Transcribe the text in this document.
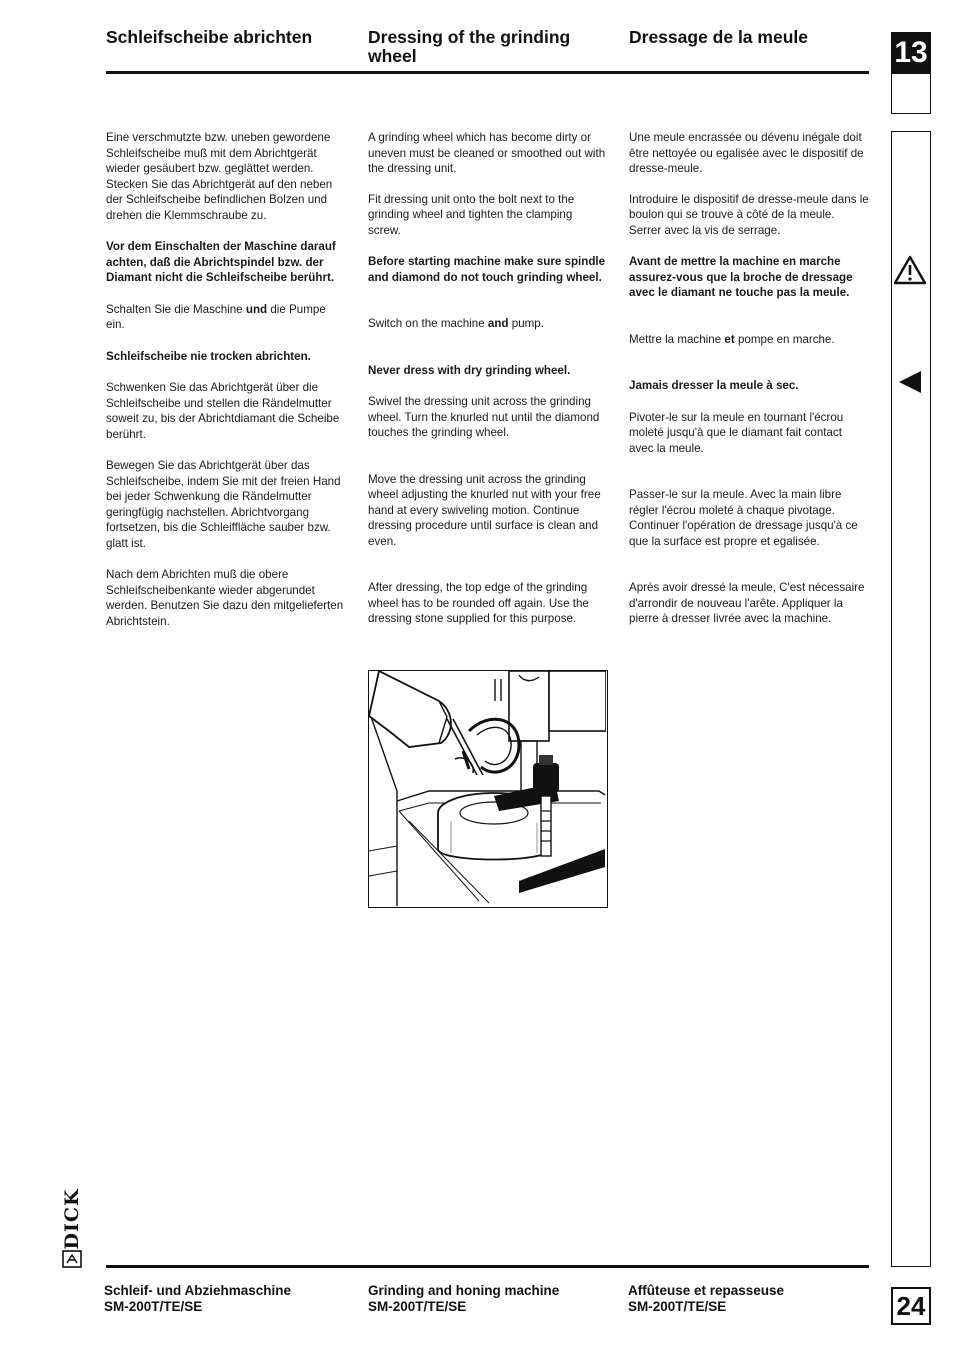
Schleifscheibe abrichten	Dressing of the grinding wheel
Dressage de la meule	13
24

Eine verschmutzte bzw. uneben gewordene Schleifscheibe muß mit dem Abrichtgerät wieder gesäubert bzw. geglättet werden.

Stecken Sie das Abrichtgerät auf den neben der Schleifscheibe befindlichen Bolzen und drehen die Klemmschraube zu.

Vor dem Einschalten der Maschine darauf achten, daß die Abrichtspindel bzw. der Diamant nicht die Schleifscheibe berührt.

Schalten Sie die Maschine und die Pumpe ein.

Schleifscheibe nie trocken abrichten.

Schwenken Sie das Abrichtgerät über die Schleifscheibe und stellen die Rändelmutter soweit zu, bis der Abrichtdiamant die Scheibe berührt.

Bewegen Sie das Abrichtgerät über das Schleifscheibe, indem Sie mit der freien Hand bei jeder Schwenkung die Rändelmutter geringfügig nachstellen. Abrichtvorgang fortsetzen, bis die Schleiffläche sauber bzw. glatt ist.

Nach dem Abrichten muß die obere Schleifscheibenkante wieder abgerundet werden. Benutzen Sie dazu den mitgelieferten Abrichtstein.

A grinding wheel which has become dirty or uneven must be cleaned or smoothed out with the dressing unit.

Fit dressing unit onto the bolt next to the grinding wheel and tighten the clamping screw.

Before starting machine make sure spindle and diamond do not touch grinding wheel.

Switch on the machine and pump.

Never dress with dry grinding wheel.

Swivel the dressing unit across the grinding wheel. Turn the knurled nut until the diamond touches the grinding wheel.

Move the dressing unit across the grinding wheel adjusting the knurled nut with your free hand at every swiveling motion. Continue dressing procedure until surface is clean and even.

After dressing, the top edge of the grinding wheel has to be rounded off again. Use the dressing stone supplied for this purpose.

Une meule encrassée ou dévenu inégale doit être nettoyée ou egalisée avec le dispositif de dresse-meule.

Introduire le dispositif de dresse-meule dans le boulon qui se trouve à côté de la meule. Serrer avec la vis de serrage.

Avant de mettre la machine en marche assurez-vous que la broche de dressage avec le diamant ne touche pas la meule.

Mettre la machine et pompe en marche.

Jamais dresser la meule à sec.

Pivoter-le sur la meule en tournant l'écrou moleté jusqu'à que le diamant fait contact avec la meule.

Passer-le sur la meule. Avec la main libre régler l'écrou moleté à chaque pivotage. Continuer l'opération de dressage jusqu'à ce que la surface est propre et egalisée.

Après avoir dressé la meule, C'est nécessaire d'arrondir de nouveau l'arête. Appliquer la pierre à dresser livrée avec la machine.

DICK
Schleif- und Abziehmaschine
SM-200T/TE/SE
Grinding and honing machine
SM-200T/TE/SE
Affûteuse et repasseuse
SM-200T/TE/SE
